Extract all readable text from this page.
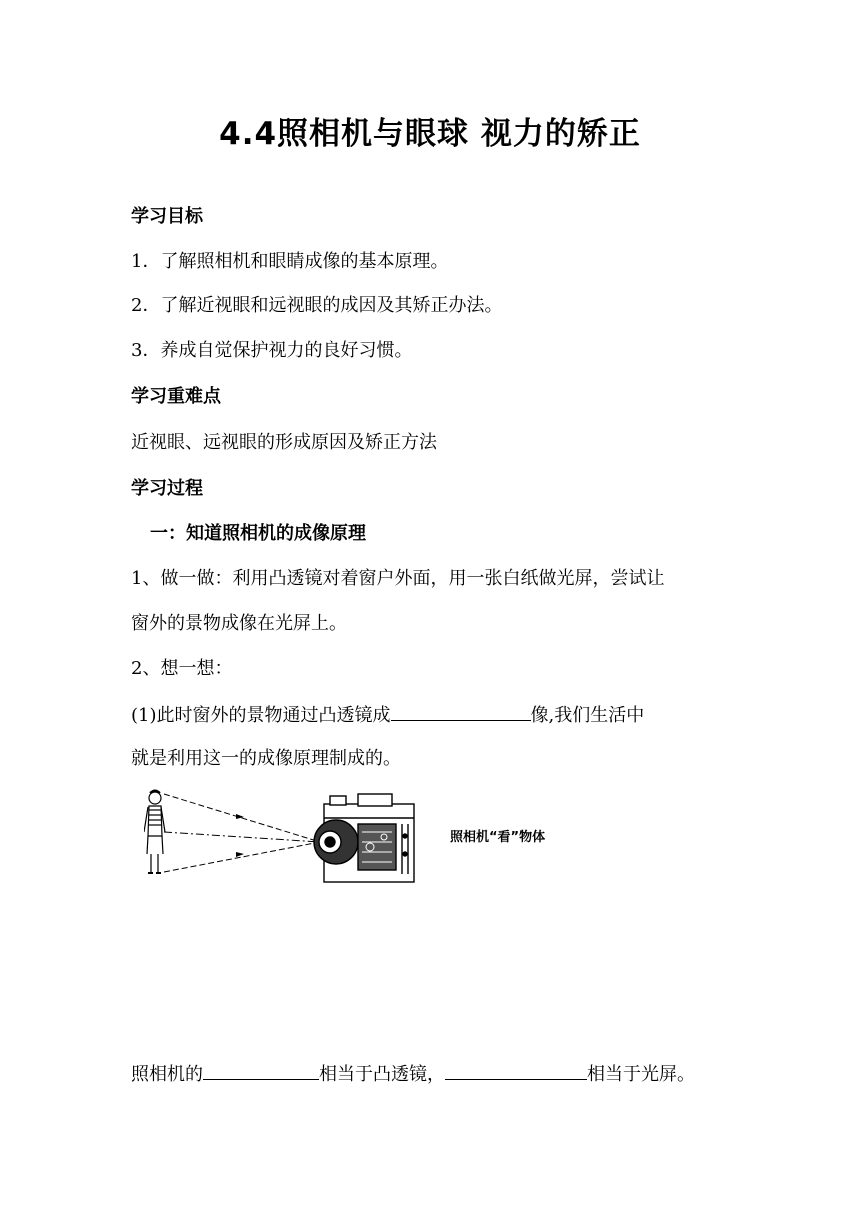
4.4照相机与眼球 视力的矫正
学习目标
1．了解照相机和眼睛成像的基本原理。
2．了解近视眼和远视眼的成因及其矫正办法。
3．养成自觉保护视力的良好习惯。
学习重难点
近视眼、远视眼的形成原因及矫正方法
学习过程
一：知道照相机的成像原理
1、做一做：利用凸透镜对着窗户外面，用一张白纸做光屏，尝试让
窗外的景物成像在光屏上。
2、想一想：
(1)此时窗外的景物通过凸透镜成	像,我们生活中
就是利用这一的成像原理制成的。
照相机“看”物体
照相机的	相当于凸透镜，	相当于光屏。
